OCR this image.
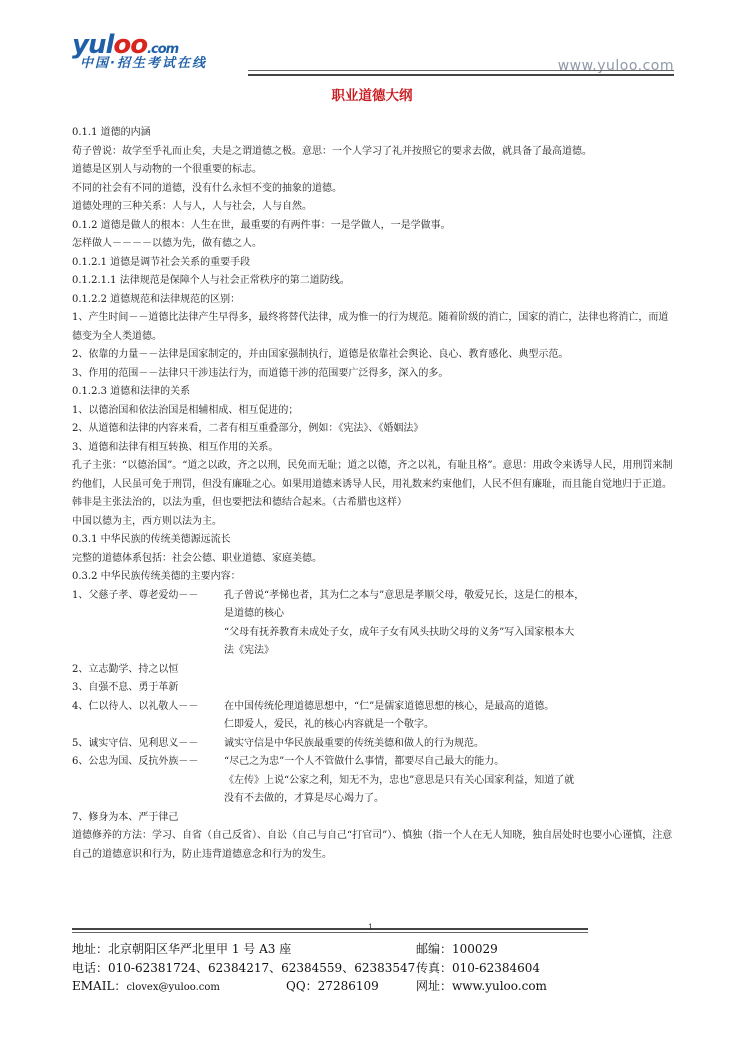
yuloo.com
中国·招生考试在线	www.yuloo.com
职业道德大纲

0.1.1 道德的内涵

荀子曾说：故学至乎礼而止矣，夫是之谓道德之极。意思：一个人学习了礼并按照它的要求去做，就具备了最高道德。

道德是区别人与动物的一个很重要的标志。

不同的社会有不同的道德，没有什么永恒不变的抽象的道德。

道德处理的三种关系：人与人，人与社会，人与自然。

0.1.2 道德是做人的根本：人生在世，最重要的有两件事：一是学做人，一是学做事。

怎样做人－－－－以德为先，做有德之人。

0.1.2.1 道德是调节社会关系的重要手段

0.1.2.1.1 法律规范是保障个人与社会正常秩序的第二道防线。

0.1.2.2 道德规范和法律规范的区别：

1、产生时间－－道德比法律产生早得多，最终将替代法律，成为惟一的行为规范。随着阶级的消亡，国家的消亡，法律也将消亡，而道德变为全人类道德。

2、依靠的力量－－法律是国家制定的，并由国家强制执行，道德是依靠社会舆论、良心、教育感化、典型示范。

3、作用的范围－－法律只干涉违法行为，而道德干涉的范围要广泛得多，深入的多。

0.1.2.3 道德和法律的关系

1、以德治国和依法治国是相辅相成、相互促进的；

2、从道德和法律的内容来看，二者有相互重叠部分，例如：《宪法》、《婚姻法》

3、道德和法律有相互转换、相互作用的关系。

孔子主张：“以德治国”。“道之以政，齐之以刑，民免而无耻；道之以德，齐之以礼，有耻且格”。意思：用政令来诱导人民，用刑罚来制约他们，人民虽可免于刑罚，但没有廉耻之心。如果用道德来诱导人民，用礼数来约束他们，人民不但有廉耻，而且能自觉地归于正道。

韩非是主张法治的，以法为重，但也要把法和德结合起来。（古希腊也这样）

中国以德为主，西方则以法为主。

0.3.1 中华民族的传统美德源远流长

完整的道德体系包括：社会公德、职业道德、家庭美德。

0.3.2 中华民族传统美德的主要内容：

1、父慈子孝、尊老爱幼－－	孔子曾说“孝悌也者，其为仁之本与”意思是孝顺父母，敬爱兄长，这是仁的根本，

是道德的核心

“父母有抚养教育未成处子女，成年子女有风头扶助父母的义务”写入国家根本大

法《宪法》

2、立志勤学、持之以恒

3、自强不息、勇于革新

4、仁以待人、以礼敬人－－	在中国传统伦理道德思想中，“仁”是儒家道德思想的核心，是最高的道德。

仁即爱人，爱民，礼的核心内容就是一个敬字。

5、诚实守信、见利思义－－	诚实守信是中华民族最重要的传统美德和做人的行为规范。
6、公忠为国、反抗外族－－	“尽己之为忠”一个人不管做什么事情，都要尽自己最大的能力。

《左传》上说“公家之利，知无不为，忠也”意思是只有关心国家利益，知道了就

没有不去做的，才算是尽心竭力了。

7、修身为本、严于律己

道德修养的方法：学习、自省（自己反省）、自讼（自己与自己“打官司”）、慎独（指一个人在无人知晓，独自居处时也要小心谨慎，注意自己的道德意识和行为，防止违背道德意念和行为的发生。

1
地址：北京朝阳区华严北里甲 1 号 A3 座	邮编：100029
电话：010-62381724、62384217、62384559、62383547 传真：010-62384604
EMAIL：clovex@yuloo.com	QQ：27286109	网址：www.yuloo.com
